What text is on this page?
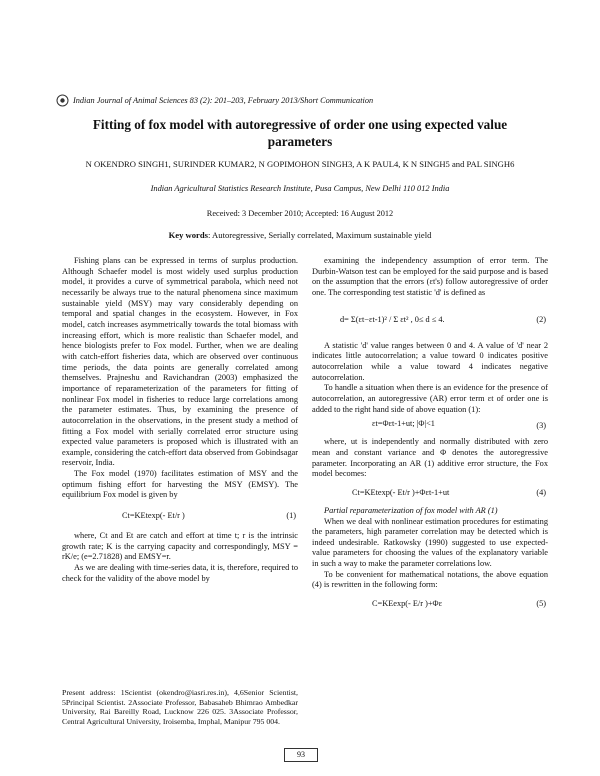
Indian Journal of Animal Sciences 83 (2): 201–203, February 2013/Short Communication
Fitting of fox model with autoregressive of order one using expected value parameters
N OKENDRO SINGH1, SURINDER KUMAR2, N GOPIMOHON SINGH3, A K PAUL4, K N SINGH5 and PAL SINGH6
Indian Agricultural Statistics Research Institute, Pusa Campus, New Delhi 110 012 India
Received: 3 December 2010; Accepted: 16 August 2012
Key words: Autoregressive, Serially correlated, Maximum sustainable yield

Fishing plans can be expressed in terms of surplus production. Although Schaefer model is most widely used surplus production model, it provides a curve of symmetrical parabola, which need not necessarily be always true to the natural phenomena since maximum sustainable yield (MSY) may vary considerably depending on temporal and spatial changes in the ecosystem. However, in Fox model, catch increases asymmetrically towards the total biomass with increasing effort, which is more realistic than Schaefer model, and hence biologists prefer to Fox model. Further, when we are dealing with catch-effort fisheries data, which are observed over continuous time periods, the data points are generally correlated among themselves. Prajneshu and Ravichandran (2003) emphasized the importance of reparameterization of the parameters for fitting of nonlinear Fox model in fisheries to reduce large correlations among the parameter estimates. Thus, by examining the presence of autocorrelation in the observations, in the present study a method of fitting a Fox model with serially correlated error structure using expected value parameters is proposed which is illustrated with an example, considering the catch-effort data observed from Gobindsagar reservoir, India.

The Fox model (1970) facilitates estimation of MSY and the optimum fishing effort for harvesting the MSY (EMSY). The equilibrium Fox model is given by

Ct=KEtexp(- Et/r )	(1)

where, Ct and Et are catch and effort at time t; r is the intrinsic growth rate; K is the carrying capacity and correspondingly, MSY = rK/e; (e=2.71828) and EMSY=r.

As we are dealing with time-series data, it is, therefore, required to check for the validity of the above model by

examining the independency assumption of error term. The Durbin-Watson test can be employed for the said purpose and is based on the assumption that the errors (εt's) follow autoregressive of order one. The corresponding test statistic 'd' is defined as

d= Σ(εt−εt-1)² / Σ εt² , 0≤ d ≤ 4.	(2)

A statistic 'd' value ranges between 0 and 4. A value of 'd' near 2 indicates little autocorrelation; a value toward 0 indicates positive autocorrelation while a value toward 4 indicates negative autocorrelation.

To handle a situation when there is an evidence for the presence of autocorrelation, an autoregressive (AR) error term εt of order one is added to the right hand side of above equation (1):

εt=Φεt-1+ut; |Φ|<1	(3)

where, ut is independently and normally distributed with zero mean and constant variance and Φ denotes the autoregressive parameter. Incorporating an AR (1) additive error structure, the Fox model becomes:

Ct=KEtexp(- Et/r )+Φεt-1+ut	(4)

Partial reparameterization of fox model with AR (1)

When we deal with nonlinear estimation procedures for estimating the parameters, high parameter correlation may be detected which is indeed undesirable. Ratkowsky (1990) suggested to use expected-value parameters for choosing the values of the explanatory variable in such a way to make the parameter correlations low.

To be convenient for mathematical notations, the above equation (4) is rewritten in the following form:

C=KEexp(- E/r )+Φε	(5)
Present address: 1Scientist (okendro@iasri.res.in), 4,6Senior Scientist, 5Principal Scientist. 2Associate Professor, Babasaheb Bhimrao Ambedkar University, Rai Bareilly Road, Lucknow 226 025. 3Associate Professor, Central Agricultural University, Iroisemba, Imphal, Manipur 795 004.
93
